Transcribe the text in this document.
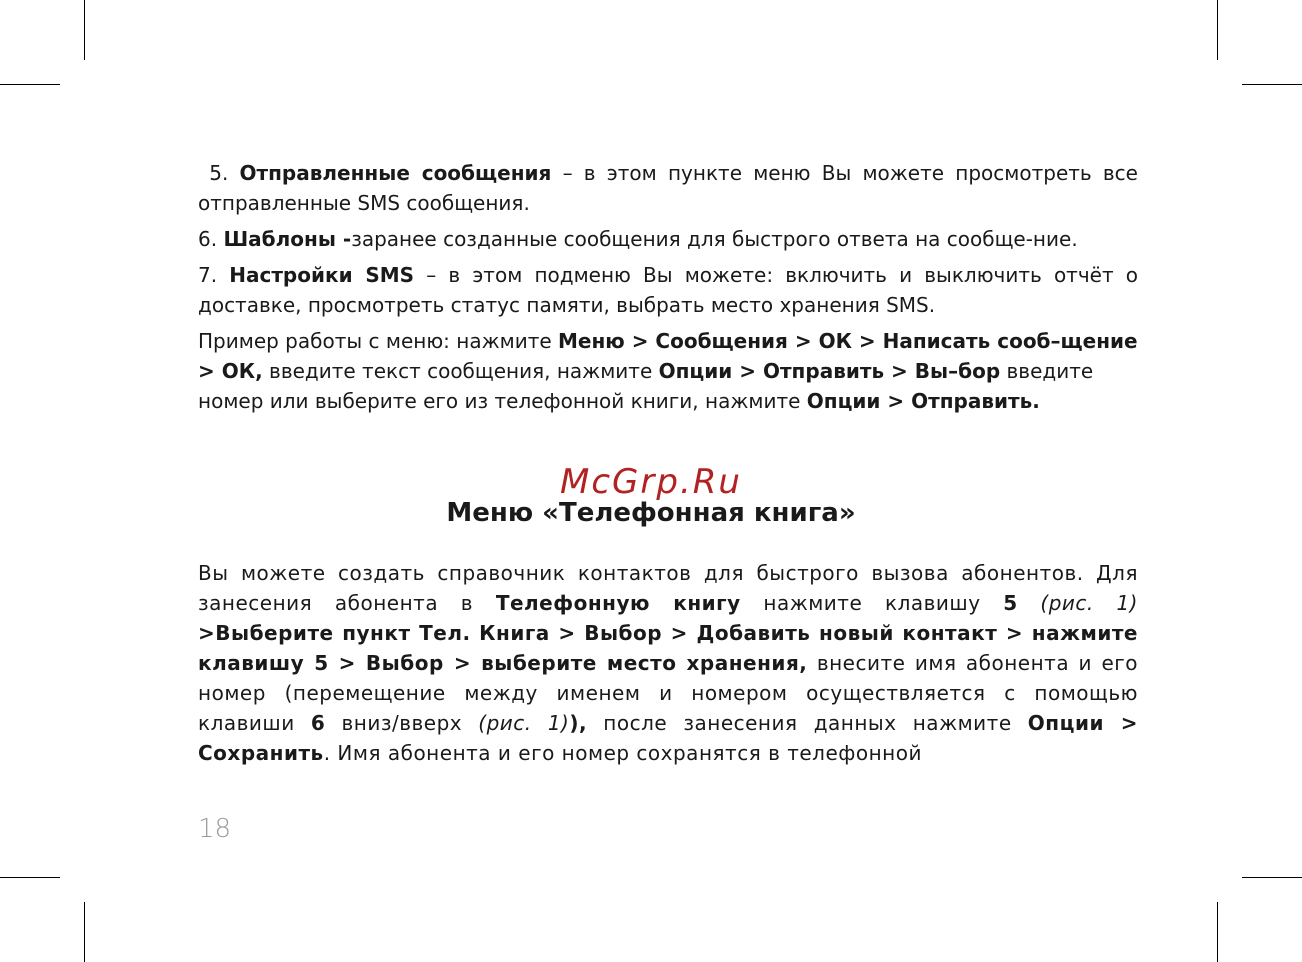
5. Отправленные сообщения – в этом пункте меню Вы можете просмотреть все отправленные SMS сообщения.

6. Шаблоны -заранее созданные сообщения для быстрого ответа на сообще-ние.

7. Настройки SMS – в этом подменю Вы можете: включить и выключить отчёт о доставке, просмотреть статус памяти, выбрать место хранения SMS.

Пример работы с меню: нажмите Меню > Сообщения > ОК > Написать сооб–щение > ОК, введите текст сообщения, нажмите Опции > Отправить > Вы–бор введите номер или выберите его из телефонной книги, нажмите Опции > Отправить.

McGrp.Ru
Меню «Телефонная книга»
Вы можете создать справочник контактов для быстрого вызова абонентов. Для занесения абонента в Телефонную книгу нажмите клавишу 5 (рис. 1) >Выберите пункт Тел. Книга > Выбор > Добавить новый контакт > нажмите клавишу 5 > Выбор > выберите место хранения, внесите имя абонента и его номер (перемещение между именем и номером осуществляется с помощью клавиши 6 вниз/вверх (рис. 1)), после занесения данных нажмите Опции > Сохранить. Имя абонента и его номер сохранятся в телефонной
18
